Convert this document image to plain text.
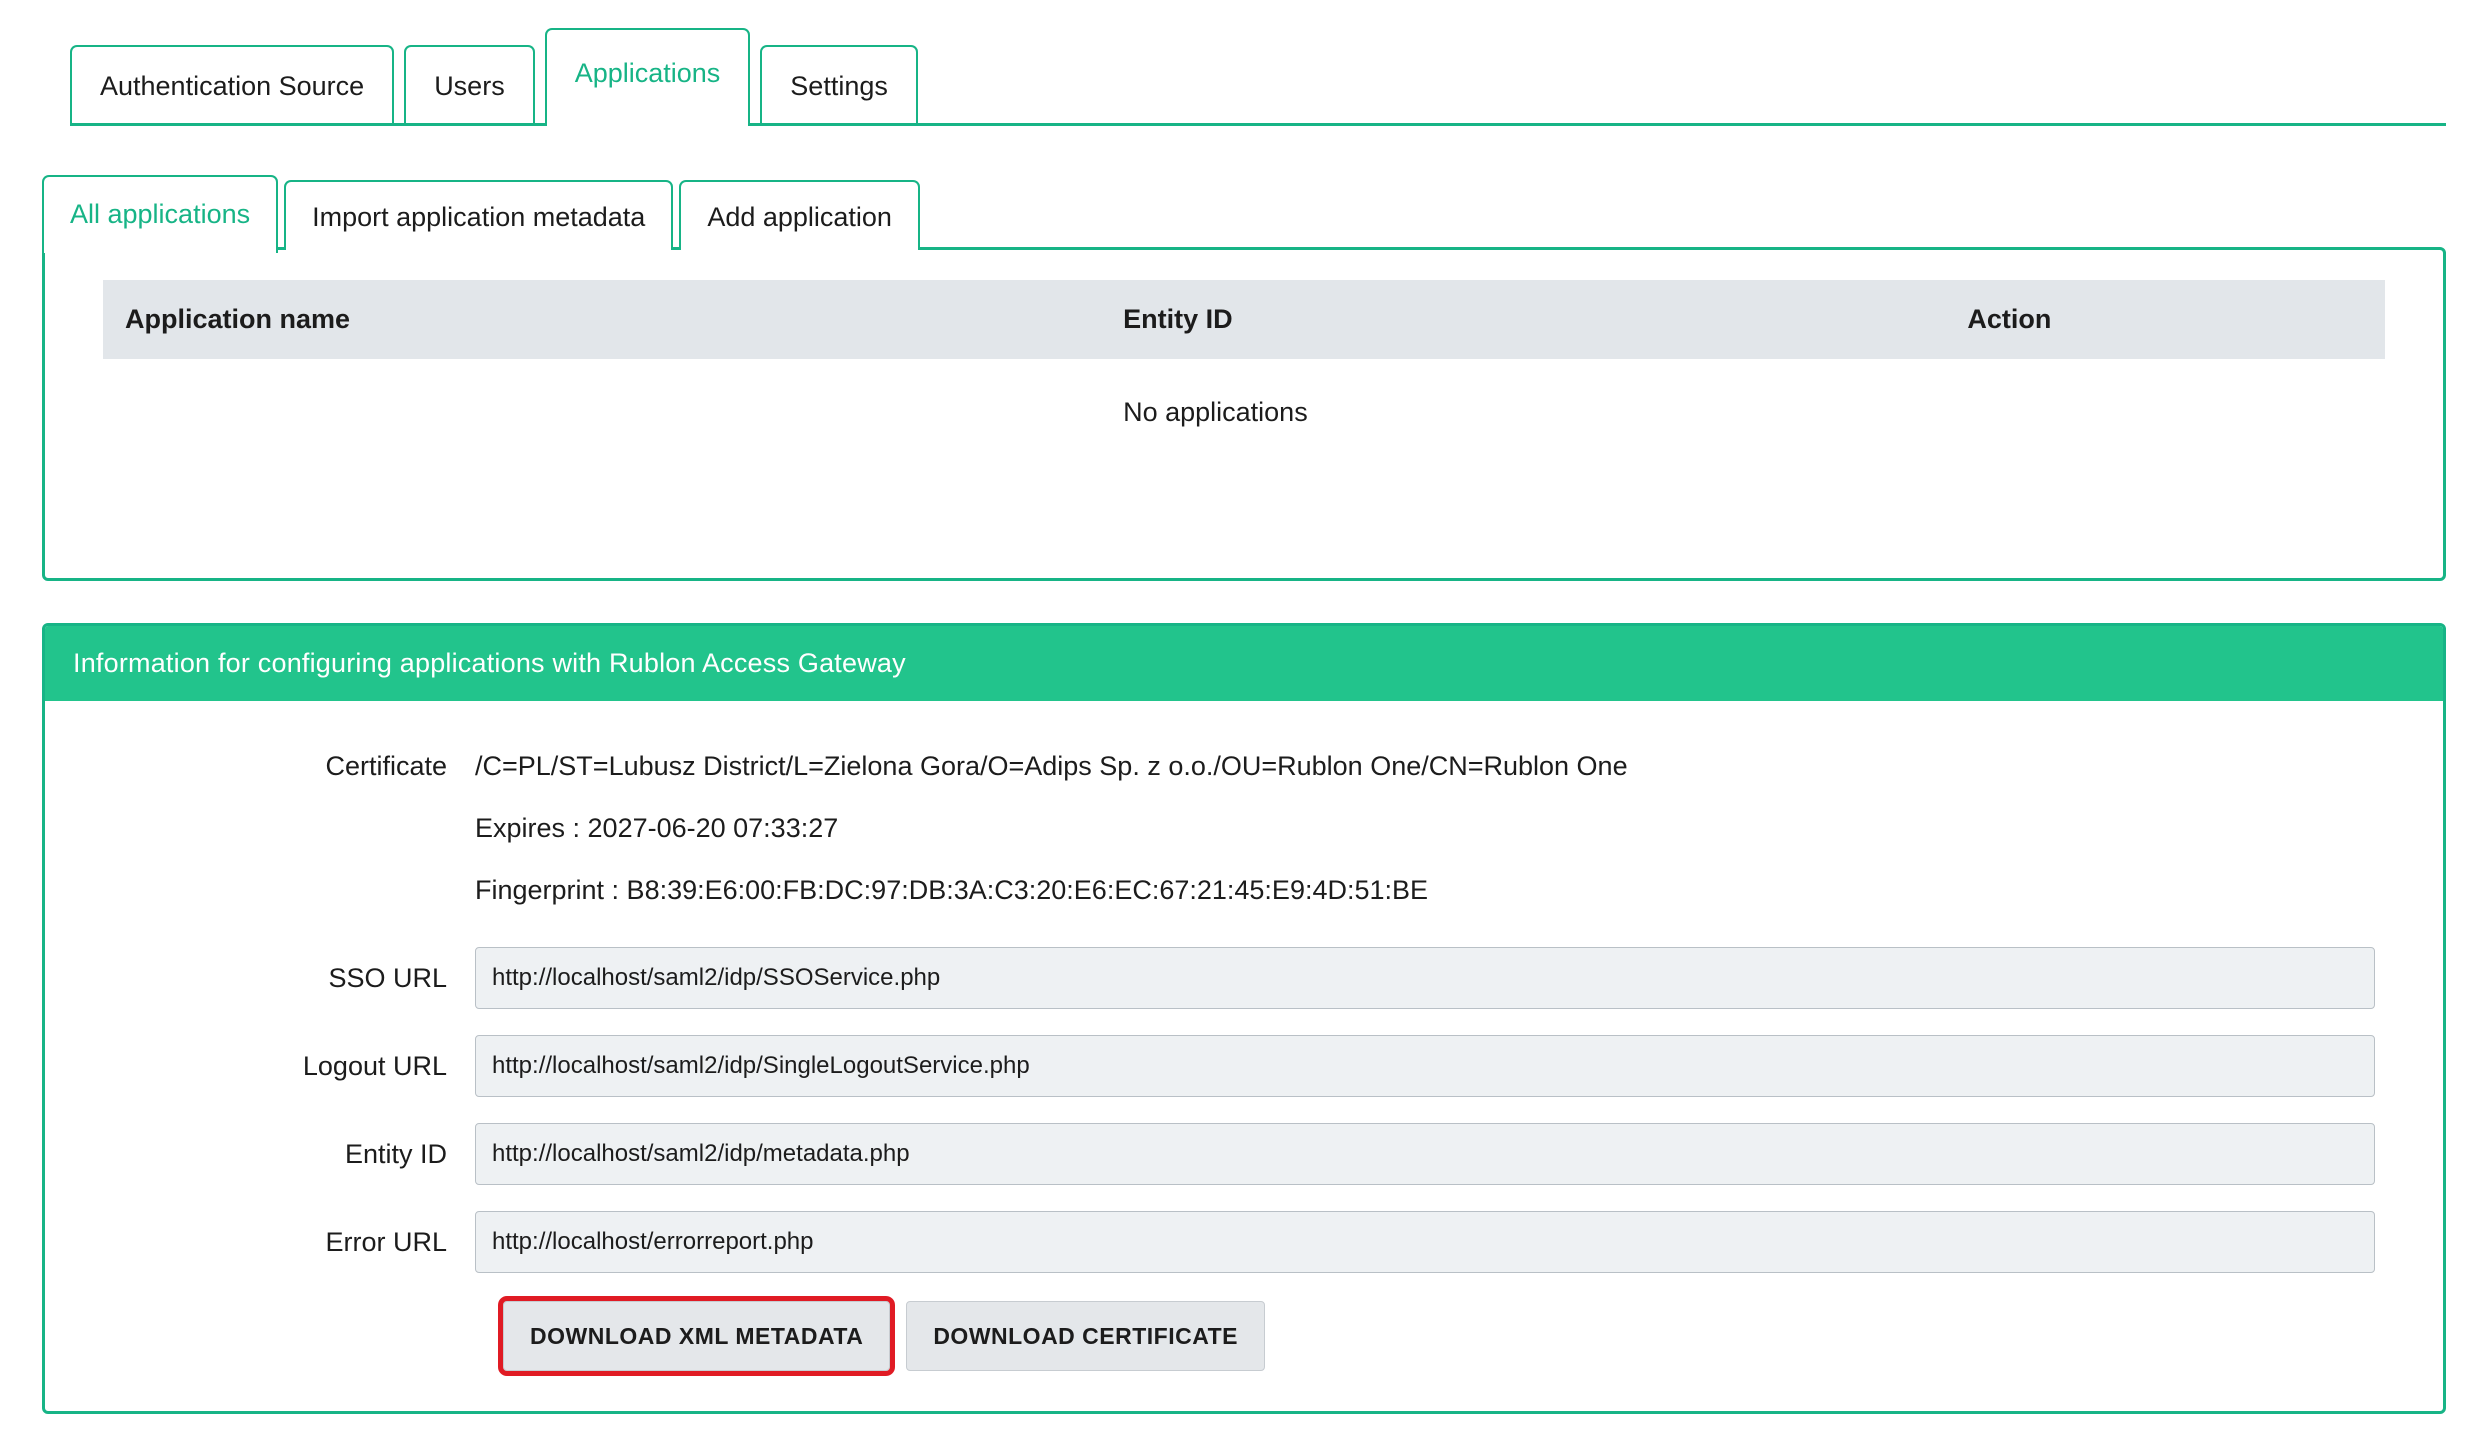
Authentication Source	Users	Applications	Settings
All applications	Import application metadata	Add application
Application name	Entity ID	Action
	No applications	

Information for configuring applications with Rublon Access Gateway
Certificate	/C=PL/ST=Lubusz District/L=Zielona Gora/O=Adips Sp. z o.o./OU=Rublon One/CN=Rublon One
Expires : 2027-06-20 07:33:27
Fingerprint : B8:39:E6:00:FB:DC:97:DB:3A:C3:20:E6:EC:67:21:45:E9:4D:51:BE
SSO URL
http://localhost/saml2/idp/SSOService.php
Logout URL
http://localhost/saml2/idp/SingleLogoutService.php
Entity ID
http://localhost/saml2/idp/metadata.php
Error URL
http://localhost/errorreport.php
DOWNLOAD XML METADATA	DOWNLOAD CERTIFICATE
